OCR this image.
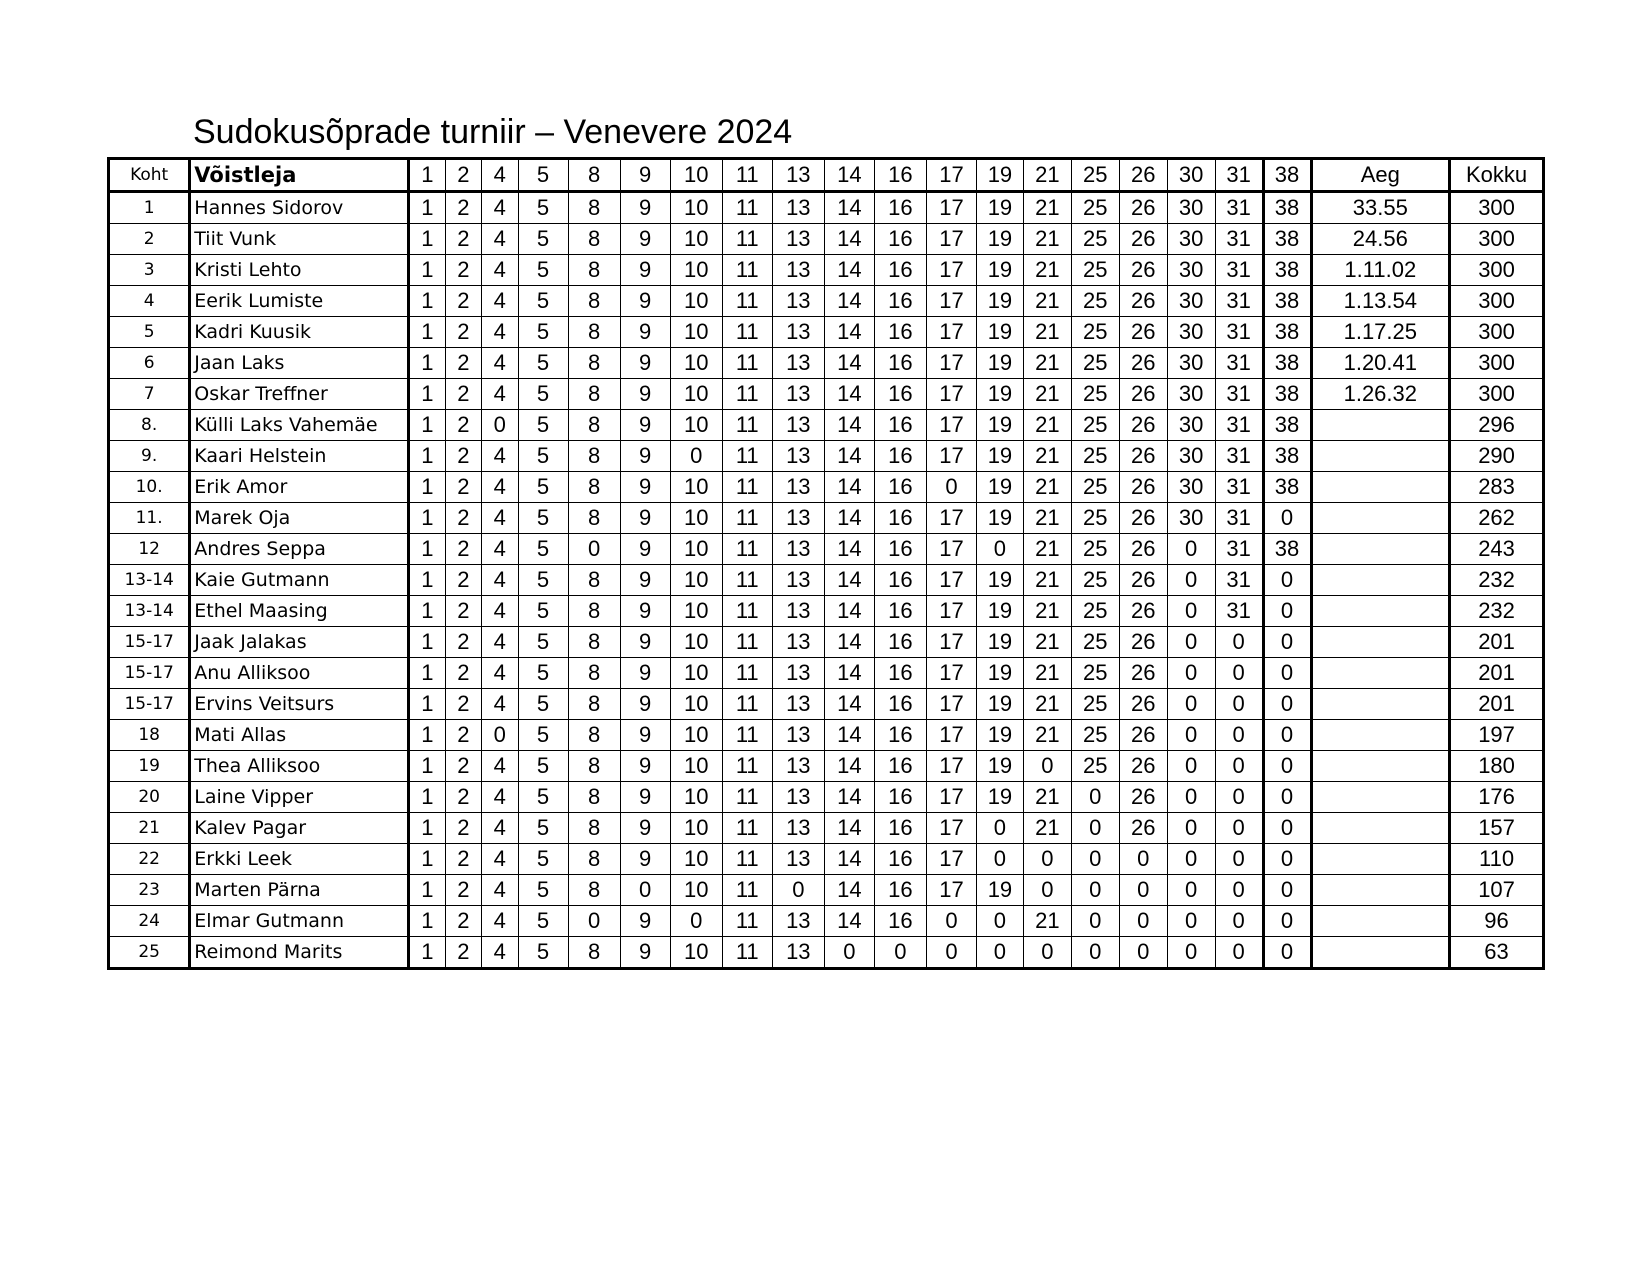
Sudokusõprade turniir – Venevere 2024
Koht	Võistleja	1	2	4	5	8	9	10	11	13	14	16	17	19	21	25	26	30	31	38	Aeg	Kokku
1	Hannes Sidorov	1	2	4	5	8	9	10	11	13	14	16	17	19	21	25	26	30	31	38	33.55	300
2	Tiit Vunk	1	2	4	5	8	9	10	11	13	14	16	17	19	21	25	26	30	31	38	24.56	300
3	Kristi Lehto	1	2	4	5	8	9	10	11	13	14	16	17	19	21	25	26	30	31	38	1.11.02	300
4	Eerik Lumiste	1	2	4	5	8	9	10	11	13	14	16	17	19	21	25	26	30	31	38	1.13.54	300
5	Kadri Kuusik	1	2	4	5	8	9	10	11	13	14	16	17	19	21	25	26	30	31	38	1.17.25	300
6	Jaan Laks	1	2	4	5	8	9	10	11	13	14	16	17	19	21	25	26	30	31	38	1.20.41	300
7	Oskar Treffner	1	2	4	5	8	9	10	11	13	14	16	17	19	21	25	26	30	31	38	1.26.32	300
8.	Külli Laks Vahemäe	1	2	0	5	8	9	10	11	13	14	16	17	19	21	25	26	30	31	38		296
9.	Kaari Helstein	1	2	4	5	8	9	0	11	13	14	16	17	19	21	25	26	30	31	38		290
10.	Erik Amor	1	2	4	5	8	9	10	11	13	14	16	0	19	21	25	26	30	31	38		283
11.	Marek Oja	1	2	4	5	8	9	10	11	13	14	16	17	19	21	25	26	30	31	0		262
12	Andres Seppa	1	2	4	5	0	9	10	11	13	14	16	17	0	21	25	26	0	31	38		243
13-14	Kaie Gutmann	1	2	4	5	8	9	10	11	13	14	16	17	19	21	25	26	0	31	0		232
13-14	Ethel Maasing	1	2	4	5	8	9	10	11	13	14	16	17	19	21	25	26	0	31	0		232
15-17	Jaak Jalakas	1	2	4	5	8	9	10	11	13	14	16	17	19	21	25	26	0	0	0		201
15-17	Anu Alliksoo	1	2	4	5	8	9	10	11	13	14	16	17	19	21	25	26	0	0	0		201
15-17	Ervins Veitsurs	1	2	4	5	8	9	10	11	13	14	16	17	19	21	25	26	0	0	0		201
18	Mati Allas	1	2	0	5	8	9	10	11	13	14	16	17	19	21	25	26	0	0	0		197
19	Thea Alliksoo	1	2	4	5	8	9	10	11	13	14	16	17	19	0	25	26	0	0	0		180
20	Laine Vipper	1	2	4	5	8	9	10	11	13	14	16	17	19	21	0	26	0	0	0		176
21	Kalev Pagar	1	2	4	5	8	9	10	11	13	14	16	17	0	21	0	26	0	0	0		157
22	Erkki Leek	1	2	4	5	8	9	10	11	13	14	16	17	0	0	0	0	0	0	0		110
23	Marten Pärna	1	2	4	5	8	0	10	11	0	14	16	17	19	0	0	0	0	0	0		107
24	Elmar Gutmann	1	2	4	5	0	9	0	11	13	14	16	0	0	21	0	0	0	0	0		96
25	Reimond Marits	1	2	4	5	8	9	10	11	13	0	0	0	0	0	0	0	0	0	0		63
